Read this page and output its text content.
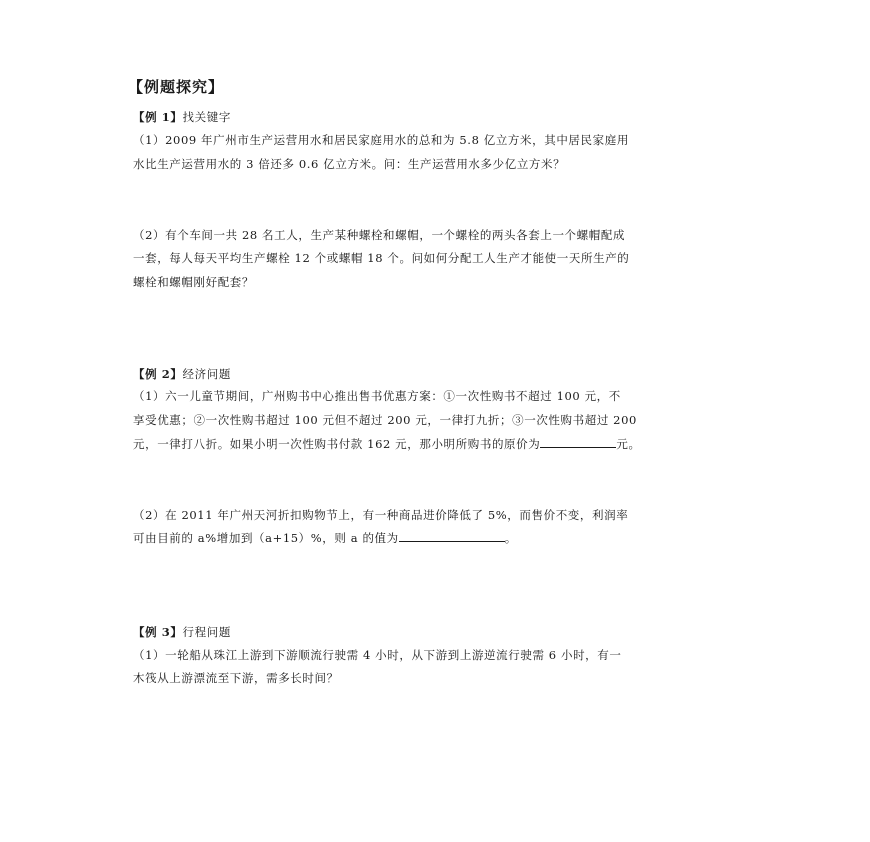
【例题探究】
【例 1】找关键字
（1）2009 年广州市生产运营用水和居民家庭用水的总和为 5.8 亿立方米，其中居民家庭用
水比生产运营用水的 3 倍还多 0.6 亿立方米。问：生产运营用水多少亿立方米？
（2）有个车间一共 28 名工人，生产某种螺栓和螺帽，一个螺栓的两头各套上一个螺帽配成
一套，每人每天平均生产螺栓 12 个或螺帽 18 个。问如何分配工人生产才能使一天所生产的
螺栓和螺帽刚好配套？
【例 2】经济问题
（1）六一儿童节期间，广州购书中心推出售书优惠方案：①一次性购书不超过 100 元，不
享受优惠；②一次性购书超过 100 元但不超过 200 元，一律打九折；③一次性购书超过 200
元，一律打八折。如果小明一次性购书付款 162 元，那小明所购书的原价为	元。
（2）在 2011 年广州天河折扣购物节上，有一种商品进价降低了 5%，而售价不变，利润率
可由目前的 a%增加到（a+15）%，则 a 的值为	。
【例 3】行程问题
（1）一轮船从珠江上游到下游顺流行驶需 4 小时，从下游到上游逆流行驶需 6 小时，有一
木筏从上游漂流至下游，需多长时间？
